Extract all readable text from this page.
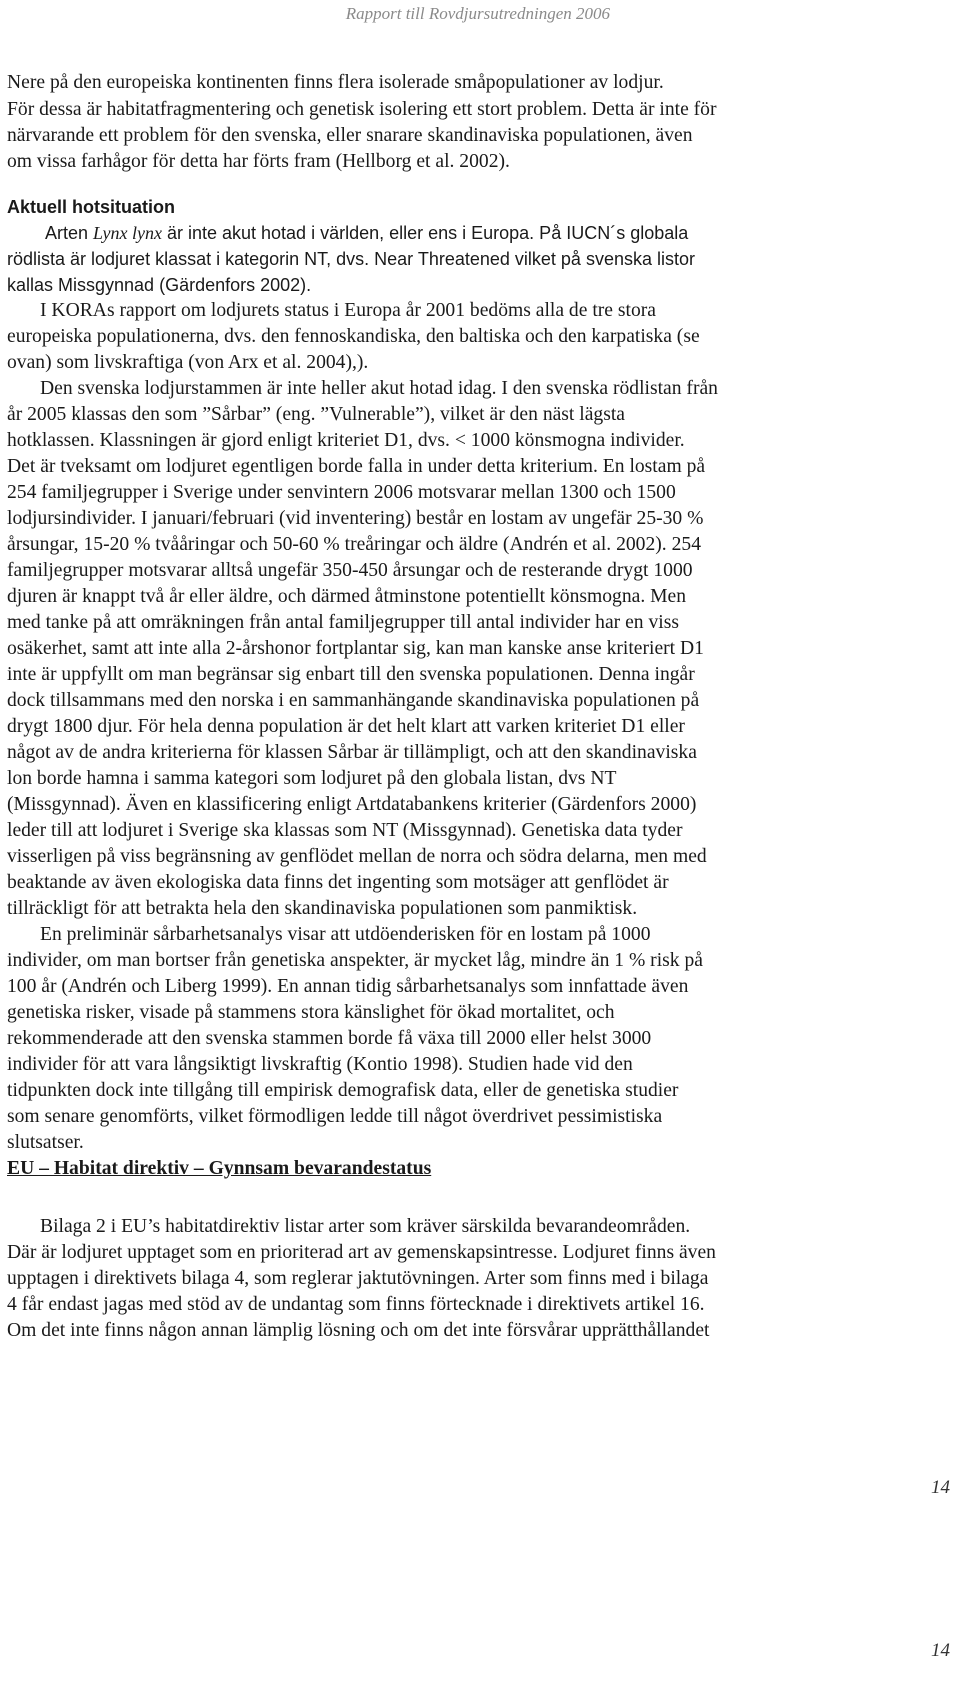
Rapport till Rovdjursutredningen 2006
Nere på den europeiska kontinenten finns flera isolerade småpopulationer av lodjur.
För dessa är habitatfragmentering och genetisk isolering ett stort problem. Detta är inte för
närvarande ett problem för den svenska, eller snarare skandinaviska populationen, även
om vissa farhågor för detta har förts fram (Hellborg et al. 2002).
Aktuell hotsituation
Arten Lynx lynx är inte akut hotad i världen, eller ens i Europa. På IUCN´s globala
rödlista är lodjuret klassat i kategorin NT, dvs. Near Threatened vilket på svenska listor
kallas Missgynnad (Gärdenfors 2002).
I KORAs rapport om lodjurets status i Europa år 2001 bedöms alla de tre stora
europeiska populationerna, dvs. den fennoskandiska, den baltiska och den karpatiska (se
ovan) som livskraftiga (von Arx et al. 2004),).
Den svenska lodjurstammen är inte heller akut hotad idag. I den svenska rödlistan från
år 2005 klassas den som ”Sårbar” (eng. ”Vulnerable”), vilket är den näst lägsta
hotklassen. Klassningen är gjord enligt kriteriet D1, dvs. < 1000 könsmogna individer.
Det är tveksamt om lodjuret egentligen borde falla in under detta kriterium. En lostam på
254 familjegrupper i Sverige under senvintern 2006 motsvarar mellan 1300 och 1500
lodjursindivider. I januari/februari (vid inventering) består en lostam av ungefär 25-30 %
årsungar, 15-20 % tvååringar och 50-60 % treåringar och äldre (Andrén et al. 2002). 254
familjegrupper motsvarar alltså ungefär 350-450 årsungar och de resterande drygt 1000
djuren är knappt två år eller äldre, och därmed åtminstone potentiellt könsmogna. Men
med tanke på att omräkningen från antal familjegrupper till antal individer har en viss
osäkerhet, samt att inte alla 2-årshonor fortplantar sig, kan man kanske anse kriteriert D1
inte är uppfyllt om man begränsar sig enbart till den svenska populationen. Denna ingår
dock tillsammans med den norska i en sammanhängande skandinaviska populationen på
drygt 1800 djur. För hela denna population är det helt klart att varken kriteriet D1 eller
något av de andra kriterierna för klassen Sårbar är tillämpligt, och att den skandinaviska
lon borde hamna i samma kategori som lodjuret på den globala listan, dvs NT
(Missgynnad). Även en klassificering enligt Artdatabankens kriterier (Gärdenfors 2000)
leder till att lodjuret i Sverige ska klassas som NT (Missgynnad). Genetiska data tyder
visserligen på viss begränsning av genflödet mellan de norra och södra delarna, men med
beaktande av även ekologiska data finns det ingenting som motsäger att genflödet är
tillräckligt för att betrakta hela den skandinaviska populationen som panmiktisk.
En preliminär sårbarhetsanalys visar att utdöenderisken för en lostam på 1000
individer, om man bortser från genetiska anspekter, är mycket låg, mindre än 1 % risk på
100 år (Andrén och Liberg 1999). En annan tidig sårbarhetsanalys som innfattade även
genetiska risker, visade på stammens stora känslighet för ökad mortalitet, och
rekommenderade att den svenska stammen borde få växa till 2000 eller helst 3000
individer för att vara långsiktigt livskraftig (Kontio 1998). Studien hade vid den
tidpunkten dock inte tillgång till empirisk demografisk data, eller de genetiska studier
som senare genomförts, vilket förmodligen ledde till något överdrivet pessimistiska
slutsatser.
EU – Habitat direktiv – Gynnsam bevarandestatus
Bilaga 2 i EU’s habitatdirektiv listar arter som kräver särskilda bevarandeområden.
Där är lodjuret upptaget som en prioriterad art av gemenskapsintresse. Lodjuret finns även
upptagen i direktivets bilaga 4, som reglerar jaktutövningen. Arter som finns med i bilaga
4 får endast jagas med stöd av de undantag som finns förtecknade i direktivets artikel 16.
Om det inte finns någon annan lämplig lösning och om det inte försvårar upprätthållandet
14
14
